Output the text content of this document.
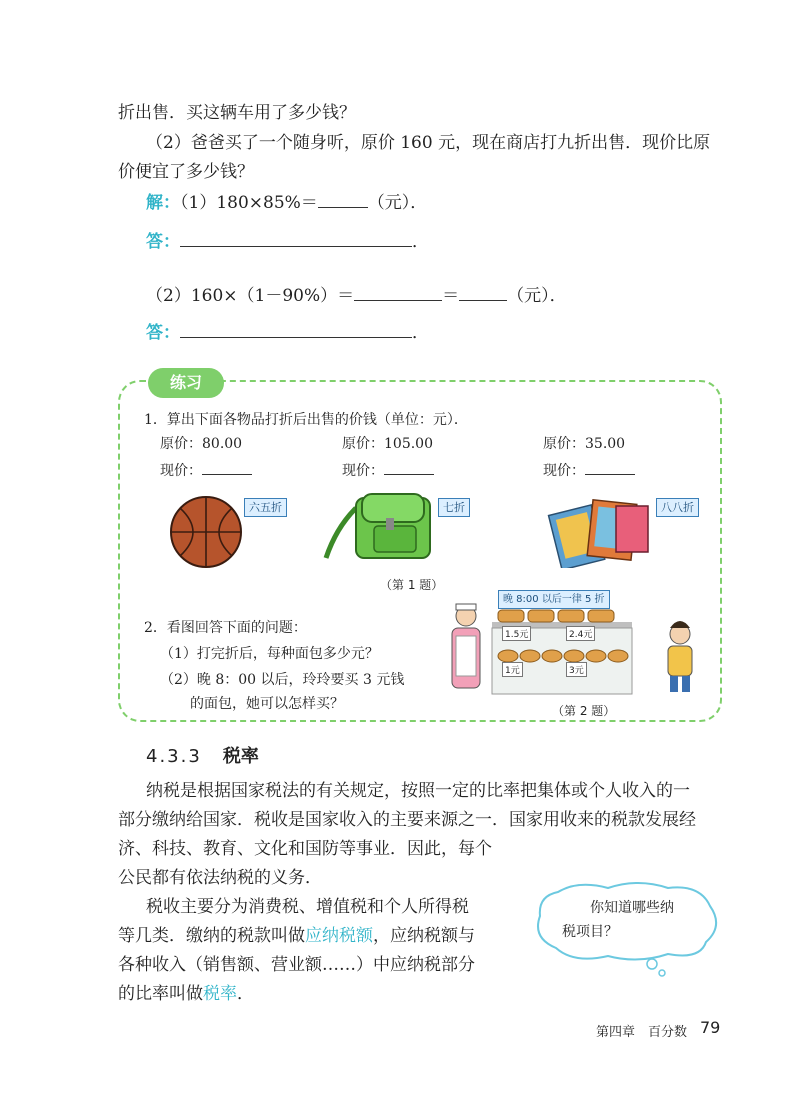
折出售．买这辆车用了多少钱？
（2）爸爸买了一个随身听，原价 160 元，现在商店打九折出售．现价比原
价便宜了多少钱？
解：（1）180×85%＝	（元）．
答：	．
（2）160×（1－90%）＝	＝	（元）．
答：	．
练习
1．算出下面各物品打折后出售的价钱（单位：元）．
原价：80.00
现价：
原价：105.00
现价：
原价：35.00
现价：
六五折	七折	八八折
（第 1 题）
2．看图回答下面的问题：
（1）打完折后，每种面包多少元？
（2）晚 8：00 以后，玲玲要买 3 元钱
的面包，她可以怎样买？
晚 8:00 以后一律 5 折
1.5元	2.4元
1元	3元
（第 2 题）
4.3.3 税率
纳税是根据国家税法的有关规定，按照一定的比率把集体或个人收入的一
部分缴纳给国家．税收是国家收入的主要来源之一．国家用收来的税款发展经
济、科技、教育、文化和国防等事业．因此，每个
公民都有依法纳税的义务．
税收主要分为消费税、增值税和个人所得税
等几类．缴纳的税款叫做应纳税额，应纳税额与
各种收入（销售额、营业额……）中应纳税部分
的比率叫做税率．
你知道哪些纳
税项目？
第四章　百分数 79
